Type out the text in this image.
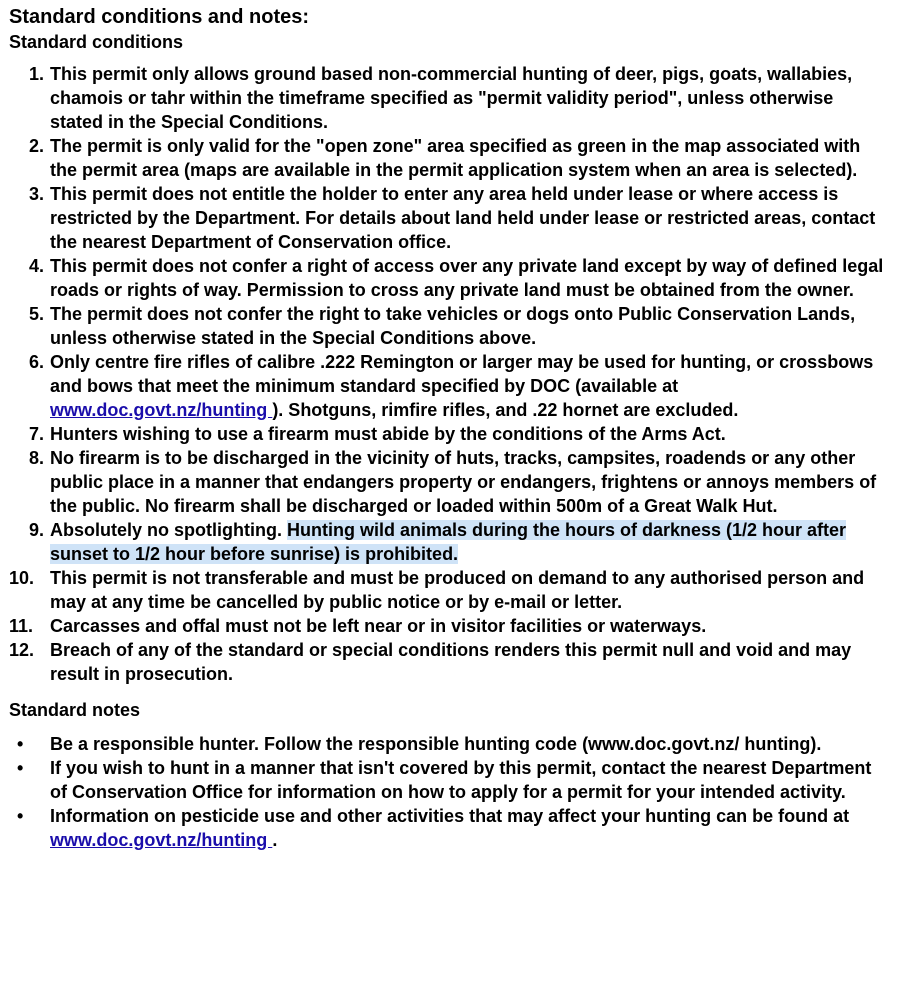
Standard conditions and notes:
Standard conditions
1. This permit only allows ground based non-commercial hunting of deer, pigs, goats, wallabies, chamois or tahr within the timeframe specified as "permit validity period", unless otherwise stated in the Special Conditions.
2. The permit is only valid for the "open zone" area specified as green in the map associated with the permit area (maps are available in the permit application system when an area is selected).
3. This permit does not entitle the holder to enter any area held under lease or where access is restricted by the Department. For details about land held under lease or restricted areas, contact the nearest Department of Conservation office.
4. This permit does not confer a right of access over any private land except by way of defined legal roads or rights of way. Permission to cross any private land must be obtained from the owner.
5. The permit does not confer the right to take vehicles or dogs onto Public Conservation Lands, unless otherwise stated in the Special Conditions above.
6. Only centre fire rifles of calibre .222 Remington or larger may be used for hunting, or crossbows and bows that meet the minimum standard specified by DOC (available at www.doc.govt.nz/hunting ). Shotguns, rimfire rifles, and .22 hornet are excluded.
7. Hunters wishing to use a firearm must abide by the conditions of the Arms Act.
8. No firearm is to be discharged in the vicinity of huts, tracks, campsites, roadends or any other public place in a manner that endangers property or endangers, frightens or annoys members of the public. No firearm shall be discharged or loaded within 500m of a Great Walk Hut.
9. Absolutely no spotlighting. Hunting wild animals during the hours of darkness (1/2 hour after sunset to 1/2 hour before sunrise) is prohibited.
10. This permit is not transferable and must be produced on demand to any authorised person and may at any time be cancelled by public notice or by e-mail or letter.
11. Carcasses and offal must not be left near or in visitor facilities or waterways.
12. Breach of any of the standard or special conditions renders this permit null and void and may result in prosecution.
Standard notes
• Be a responsible hunter. Follow the responsible hunting code (www.doc.govt.nz/ hunting).
• If you wish to hunt in a manner that isn't covered by this permit, contact the nearest Department of Conservation Office for information on how to apply for a permit for your intended activity.
• Information on pesticide use and other activities that may affect your hunting can be found at www.doc.govt.nz/hunting .
